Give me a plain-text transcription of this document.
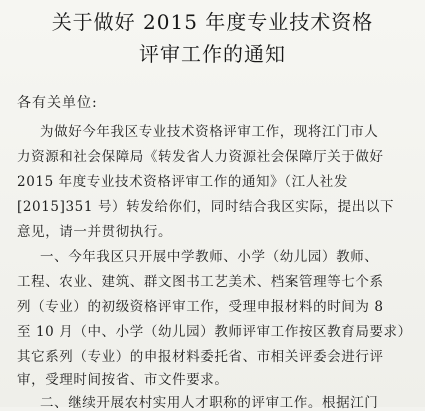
关于做好 2015 年度专业技术资格
评审工作的通知
各有关单位:
为做好今年我区专业技术资格评审工作，现将江门市人
力资源和社会保障局《转发省人力资源社会保障厅关于做好
2015 年度专业技术资格评审工作的通知》（江人社发
[2015]351 号）转发给你们，同时结合我区实际，提出以下
意见，请一并贯彻执行。
一、今年我区只开展中学教师、小学（幼儿园）教师、
工程、农业、建筑、群文图书工艺美术、档案管理等七个系
列（专业）的初级资格评审工作，受理申报材料的时间为 8
至 10 月（中、小学（幼儿园）教师评审工作按区教育局要求）
其它系列（专业）的申报材料委托省、市相关评委会进行评
审，受理时间按省、市文件要求。
二、继续开展农村实用人才职称的评审工作。根据江门
